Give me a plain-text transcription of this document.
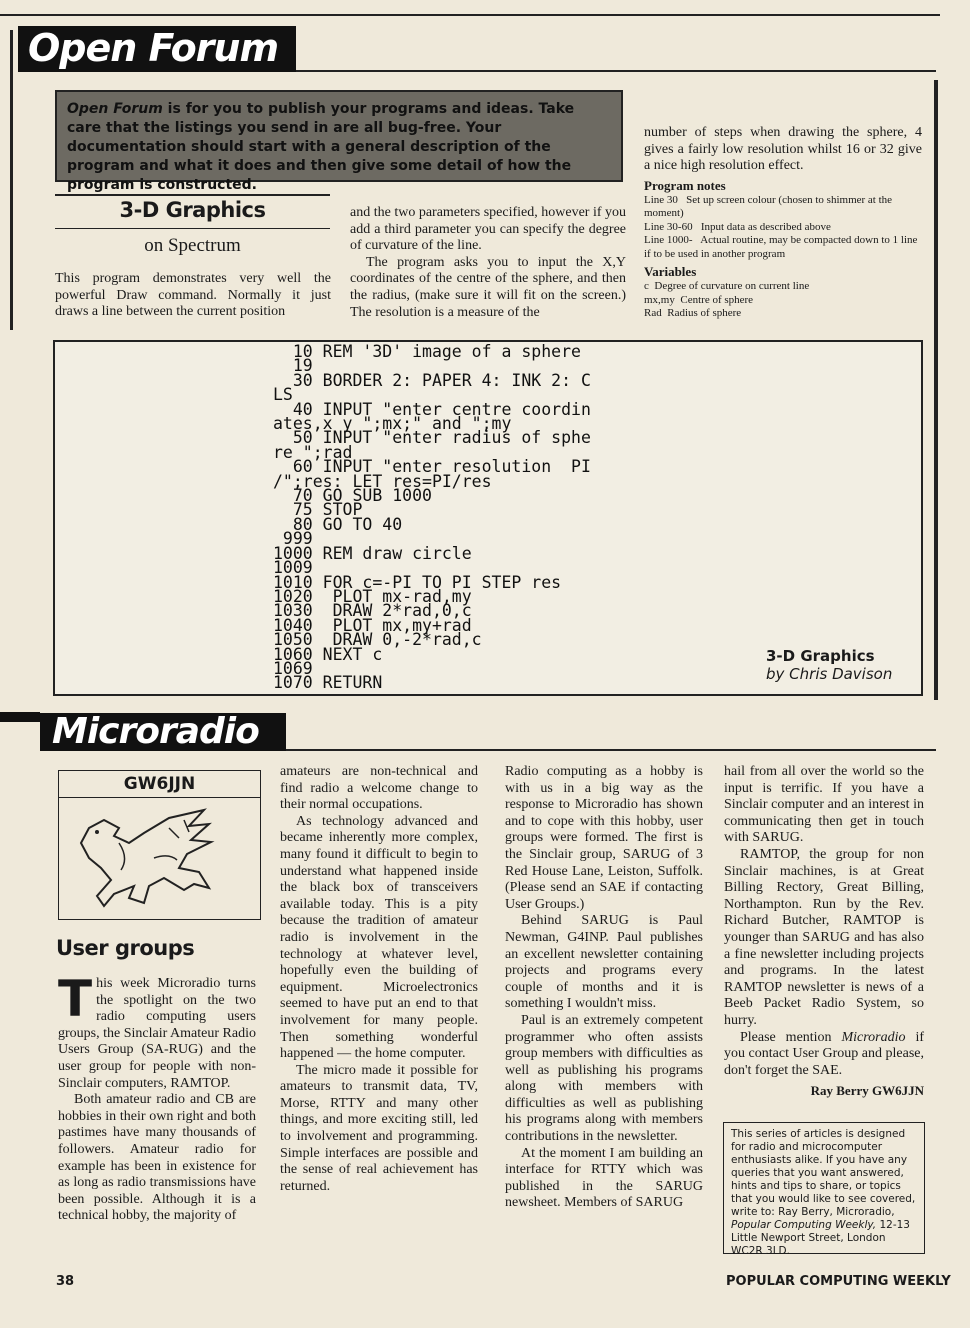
Open Forum
Open Forum is for you to publish your programs and ideas. Take care that the listings you send in are all bug-free. Your documentation should start with a general description of the program and what it does and then give some detail of how the program is constructed.
3-D Graphics
on Spectrum

This program demonstrates very well the powerful Draw command. Normally it just draws a line between the current position

and the two parameters specified, however if you add a third parameter you can specify the degree of curvature of the line.

The program asks you to input the X,Y coordinates of the centre of the sphere, and then the radius, (make sure it will fit on the screen.) The resolution is a measure of the

number of steps when drawing the sphere, 4 gives a fairly low resolution whilst 16 or 32 give a nice high resolution effect.

Program notes
Line 30 Set up screen colour (chosen to shimmer at the moment)
Line 30-60 Input data as described above
Line 1000- Actual routine, may be compacted down to 1 line if to be used in another program
Variables
c Degree of curvature on current line
mx,my Centre of sphere
Rad Radius of sphere
10 REM '3D' image of a sphere
19
30 BORDER 2: PAPER 4: INK 2: C
LS
40 INPUT "enter centre coordin
ates,x y ";mx;" and ";my
50 INPUT "enter radius of sphe
re ";rad
60 INPUT "enter resolution  PI
/";res: LET res=PI/res
70 GO SUB 1000
75 STOP
80 GO TO 40
999
1000 REM draw circle
1009
1010 FOR c=-PI TO PI STEP res
1020  PLOT mx-rad,my
1030  DRAW 2*rad,0,c
1040  PLOT mx,my+rad
1050  DRAW 0,-2*rad,c
1060 NEXT c
1069
1070 RETURN
3-D Graphics
by Chris Davison
Microradio
GW6JJN
User groups
T his week Microradio turns the spotlight on the two radio computing users groups, the Sinclair Amateur Radio Users Group (SA-RUG) and the user group for people with non-Sinclair computers, RAMTOP.

Both amateur radio and CB are hobbies in their own right and both pastimes have many thousands of followers. Amateur radio for example has been in existence for as long as radio transmissions have been possible. Although it is a technical hobby, the majority of

amateurs are non-technical and find radio a welcome change to their normal occupations.

As technology advanced and became inherently more complex, many found it difficult to begin to understand what happened inside the black box of transceivers available today. This is a pity because the tradition of amateur radio is involvement in the technology at whatever level, hopefully even the building of equipment. Microelectronics seemed to have put an end to that involvement for many people. Then something wonderful happened — the home computer.

The micro made it possible for amateurs to transmit data, TV, Morse, RTTY and many other things, and more exciting still, led to involvement and programming. Simple interfaces are possible and the sense of real achievement has returned.

Radio computing as a hobby is with us in a big way as the response to Microradio has shown and to cope with this hobby, user groups were formed. The first is the Sinclair group, SARUG of 3 Red House Lane, Leiston, Suffolk. (Please send an SAE if contacting User Groups.)

Behind SARUG is Paul Newman, G4INP. Paul publishes an excellent newsletter containing projects and programs every couple of months and it is something I wouldn't miss.

Paul is an extremely competent programmer who often assists group members with difficulties as well as publishing his programs along with members with difficulties as well as publishing his programs along with members contributions in the newsletter.

At the moment I am building an interface for RTTY which was published in the SARUG newsheet. Members of SARUG

hail from all over the world so the input is terrific. If you have a Sinclair computer and an interest in communicating then get in touch with SARUG.

RAMTOP, the group for non Sinclair machines, is at Great Billing Rectory, Great Billing, Northampton. Run by the Rev. Richard Butcher, RAMTOP is younger than SARUG and has also a fine newsletter including projects and programs. In the latest RAMTOP newsletter is news of a Beeb Packet Radio System, so hurry.

Please mention Microradio if you contact User Group and please, don't forget the SAE.

Ray Berry GW6JJN
This series of articles is designed for radio and microcomputer enthusiasts alike. If you have any queries that you want answered, hints and tips to share, or topics that you would like to see covered, write to: Ray Berry, Microradio, Popular Computing Weekly, 12-13 Little Newport Street, London WC2R 3LD.
38	POPULAR COMPUTING WEEKLY
